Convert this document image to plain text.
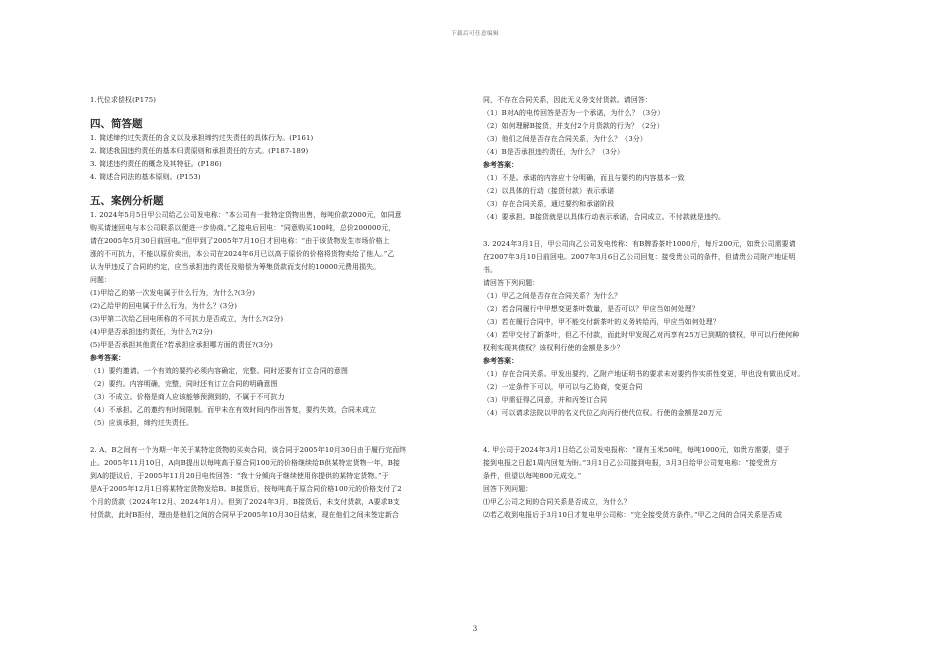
下载后可任意编辑

1.代位求偿权(P175)

四、简答题

1. 简述缔约过失责任的含义以及承担缔约过失责任的具体行为。(P161)

2. 简述我国违约责任的基本归责原则和承担责任的方式。(P187-189)

3. 简述违约责任的概念及其特征。(P186)

4. 简述合同法的基本原则。(P153)

五、案例分析题

1. 2024年5月5日甲公司给乙公司发电称：“本公司有一批特定货物出售，每吨价款2000元，如同意

购买请速回电与本公司联系以便进一步协商。”乙接电后回电：“同意购买100吨，总价200000元，

请在2005年5月30日前回电。”但甲到了2005年7月10日才回电称：“由于该货物发生市场价格上

涨的不可抗力，不能以原价卖出，本公司在2024年6月已以高于原价的价格将货物卖给了他人。”乙

认为甲违反了合同的约定，应当承担违约责任及赔偿为筹集货款而支付的10000元费用损失。

问题：

(1)甲给乙的第一次发电属于什么行为，为什么?(3分)

(2)乙给甲的回电属于什么行为，为什么？(3分)

(3)甲第二次给乙回电所称的不可抗力是否成立，为什么?(2分)

(4)甲是否承担违约责任，为什么?(2分)

(5)甲是否承担其他责任?若承担应承担哪方面的责任?(3分)

参考答案：

（1）要约邀请。一个有效的要约必须内容确定，完整。同时还要有订立合同的意图

（2）要约。内容明确，完整，同时还有订立合同的明确意图

（3）不成立。价格是商人应该能够预测到的，不属于不可抗力

（4）不承担。乙的邀约有时间限制。而甲未在有效时间内作出答复，要约失效，合同未成立

（5）应该承担，缔约过失责任。

2. A、B之间有一个为期一年关于某特定货物的买卖合同，该合同于2005年10月30日由于履行完而终

止。2005年11月10日，A向B提出以每吨高于原合同100元的价格继续给B供某特定货物一年，B接

到A的提议后，于2005年11月20日电传回答：“我十分倾向于继续使用你提供的某特定货物。”于

是A于2005年12月1日将某特定货物发给B。B接货后，按每吨高于原合同价格100元的价格支付了2

个月的货款（2024年12月、2024年1月）。但到了2024年3月，B接货后，未支付货款，A要求B支

付货款，此时B拒付，理由是他们之间的合同早于2005年10月30日结束，现在他们之间未签定新合

同，不存在合同关系，因此无义务支付货款。请回答：

（1）B对A的电传回答是否为一个承诺，为什么？（3分）

（2）如何理解B接货，并支付2个月货款的行为？（2分）

（3）他们之间是否存在合同关系，为什么？（3分）

（4）B是否承担违约责任，为什么？（3分）

参考答案：

（1）不是。承诺的内容应十分明确，而且与要约的内容基本一致

（2）以具体的行动（接货付款）表示承诺

（3）存在合同关系，通过要约和承诺阶段

（4）要承担。B接货就是以具体行动表示承诺，合同成立。不付款就是违约。

3. 2024年3月1日，甲公司向乙公司发电传称：有B牌香茶叶1000斤，每斤200元，如贵公司需要请

在2007年3月10日前回电。2007年3月6日乙公司回复：接受贵公司的条件，但请贵公司附产地证明

书。

请回答下列问题：

（1）甲乙之间是否存在合同关系？为什么？

（2）若合同履行中甲想变更茶叶数量，是否可以？甲应当如何处理？

（3）若在履行合同中，甲不能交付新茶叶的义务转给丙，甲应当如何处理？

（4）若甲交付了新茶叶，但乙不付款，而此时甲发现乙对丙享有25万已到期的债权，甲可以行使何种

权利实现其债权？该权利行使的金额是多少？

参考答案：

（1）存在合同关系。甲发出要约，乙附产地证明书的要求未对要约作实质性变更，甲也没有做出反对。

（2）一定条件下可以，甲可以与乙协商，变更合同

（3）甲需征得乙同意，并和丙签订合同

（4）可以请求法院以甲的名义代位乙向丙行使代位权。行使的金额是20万元

4. 甲公司于2024年3月1日给乙公司发电报称：“现有玉米50吨，每吨1000元，如贵方需要，望于

接到电报之日起1周内回复为盼。”3月1日乙公司接到电报，3月3日给甲公司复电称：“接受贵方

条件，但望以每吨800元成交。”

回答下列问题：

⑴甲乙公司之间的合同关系是否成立，为什么？

⑵若乙收到电报后于3月10日才复电甲公司称：“完全接受货方条件。”甲乙之间的合同关系是否成

3
